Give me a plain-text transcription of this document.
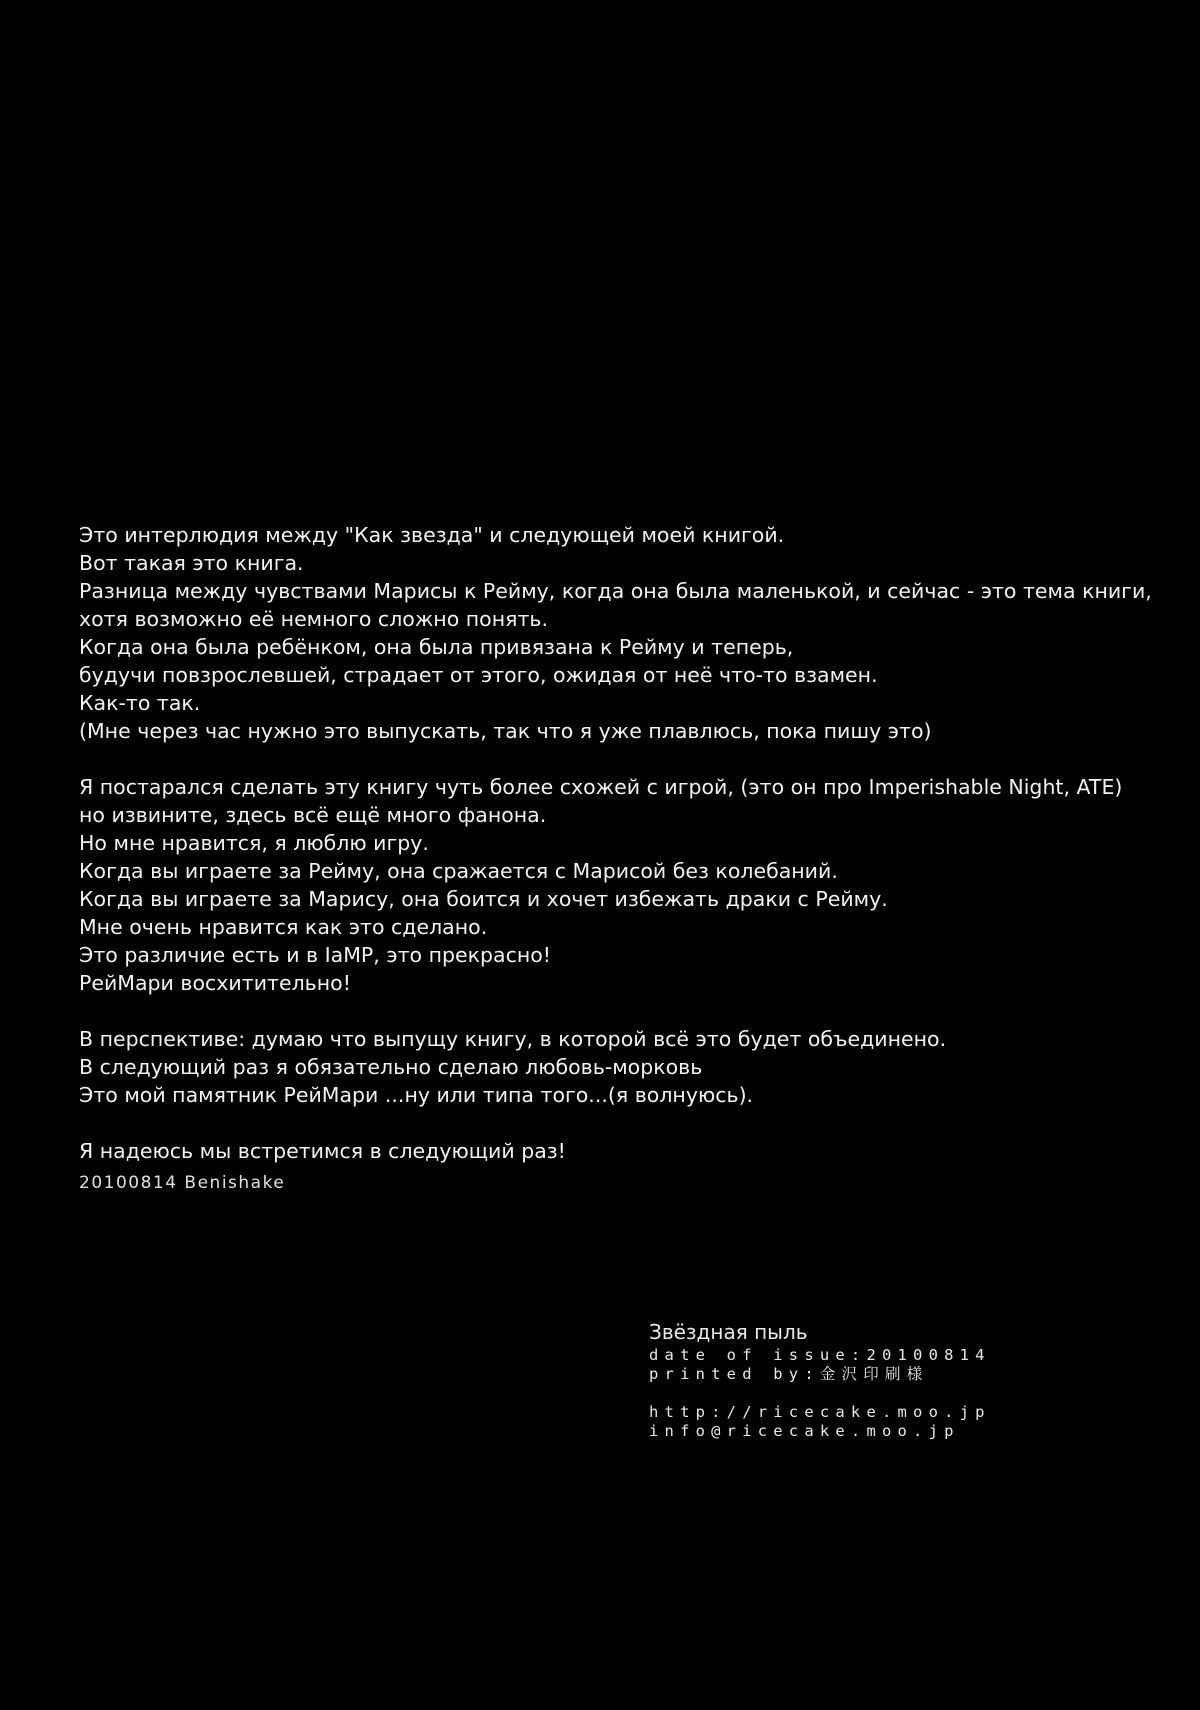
Это интерлюдия между "Как звезда" и следующей моей книгой.
Вот такая это книга.
Разница между чувствами Марисы к Рейму, когда она была маленькой, и сейчас - это тема книги,
хотя возможно её немного сложно понять.
Когда она была ребёнком, она была привязана к Рейму и теперь,
будучи повзрослевшей, страдает от этого, ожидая от неё что-то взамен.
Как-то так.
(Мне через час нужно это выпускать, так что я уже плавлюсь, пока пишу это)
Я постарался сделать эту книгу чуть более схожей с игрой, (это он про Imperishable Night, ATE)
но извините, здесь всё ещё много фанона.
Но мне нравится, я люблю игру.
Когда вы играете за Рейму, она сражается с Марисой без колебаний.
Когда вы играете за Марису, она боится и хочет избежать драки с Рейму.
Мне очень нравится как это сделано.
Это различие есть и в IaMP, это прекрасно!
РейМари восхитительно!
В перспективе: думаю что выпущу книгу, в которой всё это будет объединено.
В следующий раз я обязательно сделаю любовь-морковь
Это мой памятник РейМари ...ну или типа того...(я волнуюсь).
Я надеюсь мы встретимся в следующий раз!
20100814 Benishake
Звёздная пыль
date of issue:20100814
printed by:金沢印刷様
http://ricecake.moo.jp
info@ricecake.moo.jp
